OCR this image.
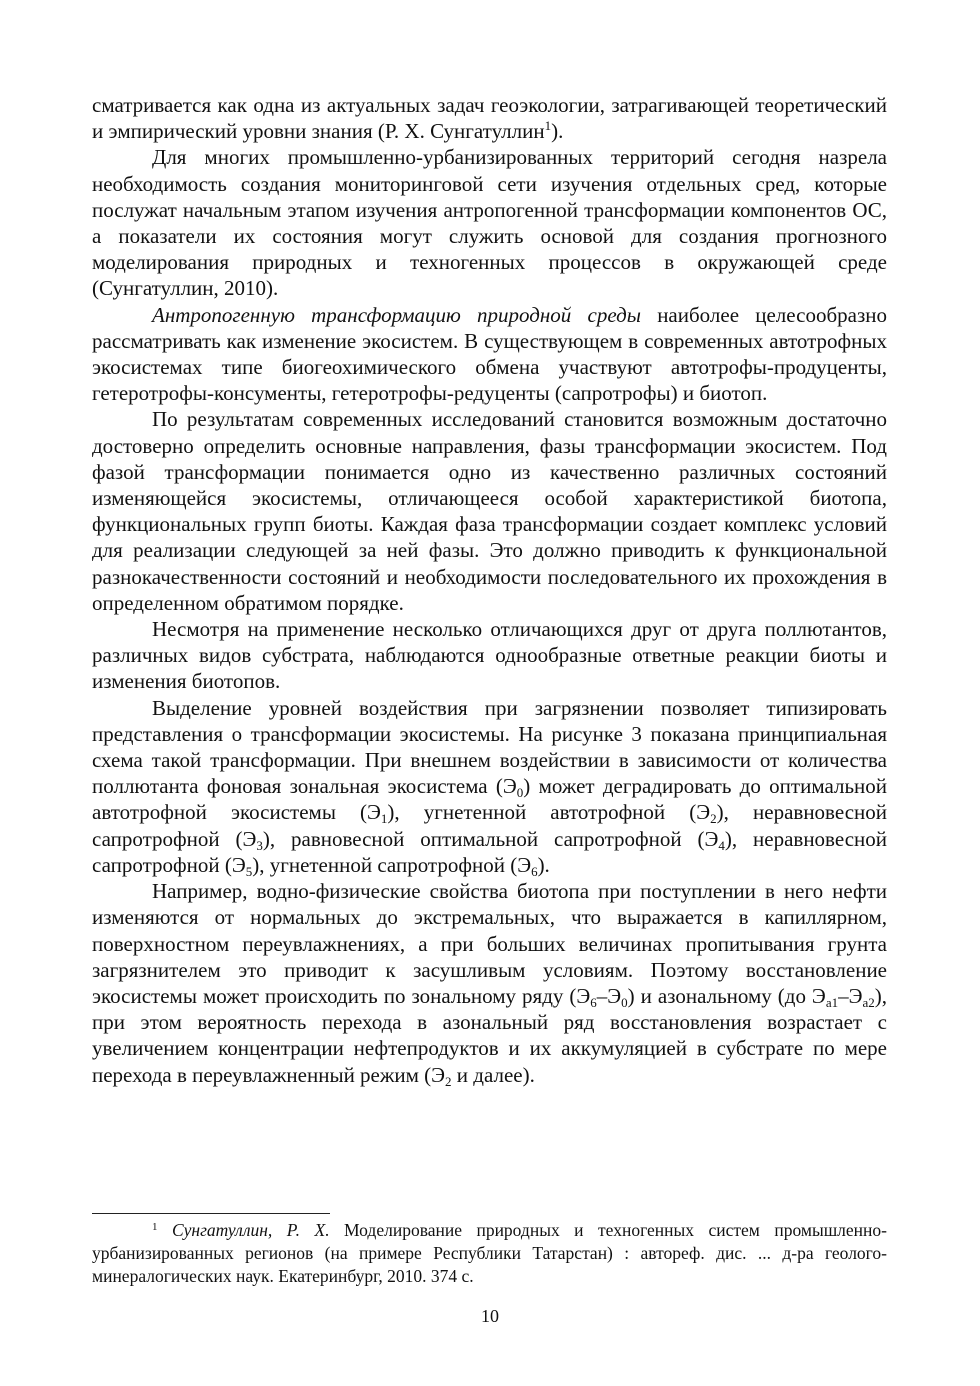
сматривается как одна из актуальных задач геоэкологии, затрагивающей теоретический и эмпирический уровни знания (Р. Х. Сунгатуллин$^1$).

Для многих промышленно-урбанизированных территорий сегодня назрела необходимость создания мониторинговой сети изучения отдельных сред, которые послужат начальным этапом изучения антропогенной трансформации компонентов ОС, а показатели их состояния могут служить основой для создания прогнозного моделирования природных и техногенных процессов в окружающей среде (Сунгатуллин, 2010).

Антропогенную трансформацию природной среды наиболее целесообразно рассматривать как изменение экосистем. В существующем в современных автотрофных экосистемах типе биогеохимического обмена участвуют автотрофы-продуценты, гетеротрофы-консументы, гетеротрофы-редуценты (сапротрофы) и биотоп.

По результатам современных исследований становится возможным достаточно достоверно определить основные направления, фазы трансформации экосистем. Под фазой трансформации понимается одно из качественно различных состояний изменяющейся экосистемы, отличающееся особой характеристикой биотопа, функциональных групп биоты. Каждая фаза трансформации создает комплекс условий для реализации следующей за ней фазы. Это должно приводить к функциональной разнокачественности состояний и необходимости последовательного их прохождения в определенном обратимом порядке.

Несмотря на применение несколько отличающихся друг от друга поллютантов, различных видов субстрата, наблюдаются однообразные ответные реакции биоты и изменения биотопов.

Выделение уровней воздействия при загрязнении позволяет типизировать представления о трансформации экосистемы. На рисунке 3 показана принципиальная схема такой трансформации. При внешнем воздействии в зависимости от количества поллютанта фоновая зональная экосистема $(Э_0)$ может деградировать до оптимальной автотрофной экосистемы $(Э_1)$, угнетенной автотрофной $(Э_2)$, неравновесной сапротрофной $(Э_3)$, равновесной оптимальной сапротрофной $(Э_4)$, неравновесной сапротрофной $(Э_5)$, угнетенной сапротрофной $(Э_6)$.

Например, водно-физические свойства биотопа при поступлении в него нефти изменяются от нормальных до экстремальных, что выражается в капиллярном, поверхностном переувлажнениях, а при больших величинах пропитывания грунта загрязнителем это приводит к засушливым условиям. Поэтому восстановление экосистемы может происходить по зональному ряду $(Э_6-Э_0)$ и азональному (до $Э_{а1}-Э_{а2}$), при этом вероятность перехода в азональный ряд восстановления возрастает с увеличением концентрации нефтепродуктов и их аккумуляцией в субстрате по мере перехода в переувлажненный режим ($Э_2$ и далее).

$^1$ Сунгатуллин, Р. Х. Моделирование природных и техногенных систем промышленно-урбанизированных регионов (на примере Республики Татарстан) : автореф. дис. ... д-ра геолого-минералогических наук. Екатеринбург, 2010. 374 с.
10
